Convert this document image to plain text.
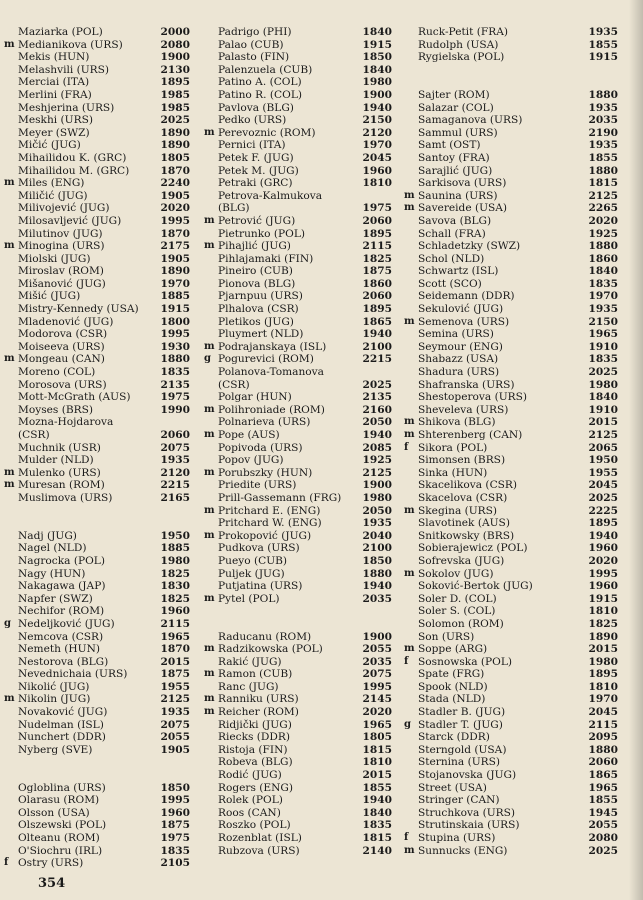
Maziarka (POL)	2000
m Medianikova (URS)	2080
Mekis (HUN)	1900
Melashvili (URS)	2130
Merciai (ITA)	1895
Merlini (FRA)	1985
Meshjerina (URS)	1985
Meskhi (URS)	2025
Meyer (SWZ)	1890
Mičić (JUG)	1890
Mihailidou K. (GRC)	1805
Mihailidou M. (GRC)	1870
m Miles (ENG)	2240
Miličić (JUG)	1905
Milivojević (JUG)	2020
Milosavljević (JUG)	1995
Milutinov (JUG)	1870
m Minogina (URS)	2175
Miolski (JUG)	1905
Miroslav (ROM)	1890
Mišanović (JUG)	1970
Mišić (JUG)	1885
Mistry-Kennedy (USA) 1915
Mladenović (JUG)	1800
Modorova (CSR)	1995
Moiseeva (URS)	1930
m Mongeau (CAN)	1880
Moreno (COL)	1835
Morosova (URS)	2135
Mott-McGrath (AUS)	1975
Moyses (BRS)	1990
Mozna-Hojdarova
(CSR)	2060
Muchnik (USR)	2075
Mulder (NLD)	1935
m Mulenko (URS)	2120
m Muresan (ROM)	2215
Muslimova (URS)	2165
Nadj (JUG)	1950
Nagel (NLD)	1885
Nagrocka (POL)	1980
Nagy (HUN)	1825
Nakagawa (JAP)	1830
Napfer (SWZ)	1825
Nechifor (ROM)	1960
g Nedeljković (JUG)	2115
Nemcova (CSR)	1965
Nemeth (HUN)	1870
Nestorova (BLG)	2015
Nevednichaia (URS)	1875
Nikolić (JUG)	1955
m Nikolin (JUG)	2125
Novaković (JUG)	1935
Nudelman (ISL)	2075
Nunchert (DDR)	2055
Nyberg (SVE)	1905
Ogloblina (URS)	1850
Olarasu (ROM)	1995
Olsson (USA)	1960
Olszewski (POL)	1875
Olteanu (ROM)	1975
O'Siochru (IRL)	1835
f Ostry (URS)	2105
Padrigo (PHI)	1840
Palao (CUB)	1915
Palasto (FIN)	1850
Palenzuela (CUB)	1840
Patino A. (COL)	1980
Patino R. (COL)	1900
Pavlova (BLG)	1940
Pedko (URS)	2150
m Perevoznic (ROM)	2120
Pernici (ITA)	1970
Petek F. (JUG)	2045
Petek M. (JUG)	1960
Petraki (GRC)	1810
Petrova-Kalmukova
(BLG)	1975
m Petrović (JUG)	2060
Pietrunko (POL)	1895
m Pihajlić (JUG)	2115
Pihlajamaki (FIN)	1825
Pineiro (CUB)	1875
Pionova (BLG)	1860
Pjarnpuu (URS)	2060
Plhalova (CSR)	1895
Pletikos (JUG)	1865
Pluymert (NLD)	1940
m Podrajanskaya (ISL)	2100
g Pogurevici (ROM)	2215
Polanova-Tomanova
(CSR)	2025
Polgar (HUN)	2135
m Polihroniade (ROM)	2160
Polnarieva (URS)	2050
m Pope (AUS)	1940
Popivoda (URS)	2085
Popov (JUG)	1925
m Porubszky (HUN)	2125
Priedite (URS)	1900
Prill-Gassemann (FRG) 1980
m Pritchard E. (ENG)	2050
Pritchard W. (ENG)	1935
m Prokopović (JUG)	2040
Pudkova (URS)	2100
Pueyo (CUB)	1850
Puljek (JUG)	1880
Putjatina (URS)	1940
m Pytel (POL)	2035
Raducanu (ROM)	1900
m Radzikowska (POL)	2055
Rakić (JUG)	2035
m Ramon (CUB)	2075
Ranc (JUG)	1995
m Ranniku (URS)	2145
m Reicher (ROM)	2020
Ridjički (JUG)	1965
Riecks (DDR)	1805
Ristoja (FIN)	1815
Robeva (BLG)	1810
Rodić (JUG)	2015
Rogers (ENG)	1855
Rolek (POL)	1940
Roos (CAN)	1840
Roszko (POL)	1835
Rozenblat (ISL)	1815
Rubzova (URS)	2140
Ruck-Petit (FRA)	1935
Rudolph (USA)	1855
Rygielska (POL)	1915
Sajter (ROM)	1880
Salazar (COL)	1935
Samaganova (URS)	2035
Sammul (URS)	2190
Samt (OST)	1935
Santoy (FRA)	1855
Sarajlić (JUG)	1880
Sarkisova (URS)	1815
m Saunina (URS)	2125
m Savereide (USA)	2265
Savova (BLG)	2020
Schall (FRA)	1925
Schladetzky (SWZ)	1880
Schol (NLD)	1860
Schwartz (ISL)	1840
Scott (SCO)	1835
Seidemann (DDR)	1970
Sekulović (JUG)	1935
m Semenova (URS)	2150
Semina (URS)	1965
Seymour (ENG)	1910
Shabazz (USA)	1835
Shadura (URS)	2025
Shafranska (URS)	1980
Shestoperova (URS)	1840
Sheveleva (URS)	1910
m Shikova (BLG)	2015
m Shterenberg (CAN)	2125
f Sikora (POL)	2065
Simonsen (BRS)	1950
Sinka (HUN)	1955
Skacelikova (CSR)	2045
Skacelova (CSR)	2025
m Skegina (URS)	2225
Slavotinek (AUS)	1895
Snitkowsky (BRS)	1940
Sobierajewicz (POL)	1960
Sofrevska (JUG)	2020
m Sokolov (JUG)	1995
Soković-Bertok (JUG)	1960
Soler D. (COL)	1915
Soler S. (COL)	1810
Solomon (ROM)	1825
Son (URS)	1890
m Soppe (ARG)	2015
f Sosnowska (POL)	1980
Spate (FRG)	1895
Spook (NLD)	1810
Stada (NLD)	1970
Stadler B. (JUG)	2045
g Stadler T. (JUG)	2115
Starck (DDR)	2095
Sterngold (USA)	1880
Sternina (URS)	2060
Stojanovska (JUG)	1865
Street (USA)	1965
Stringer (CAN)	1855
Struchkova (URS)	1945
Strutinskaia (URS)	2055
f Stupina (URS)	2080
m Sunnucks (ENG)	2025
354
